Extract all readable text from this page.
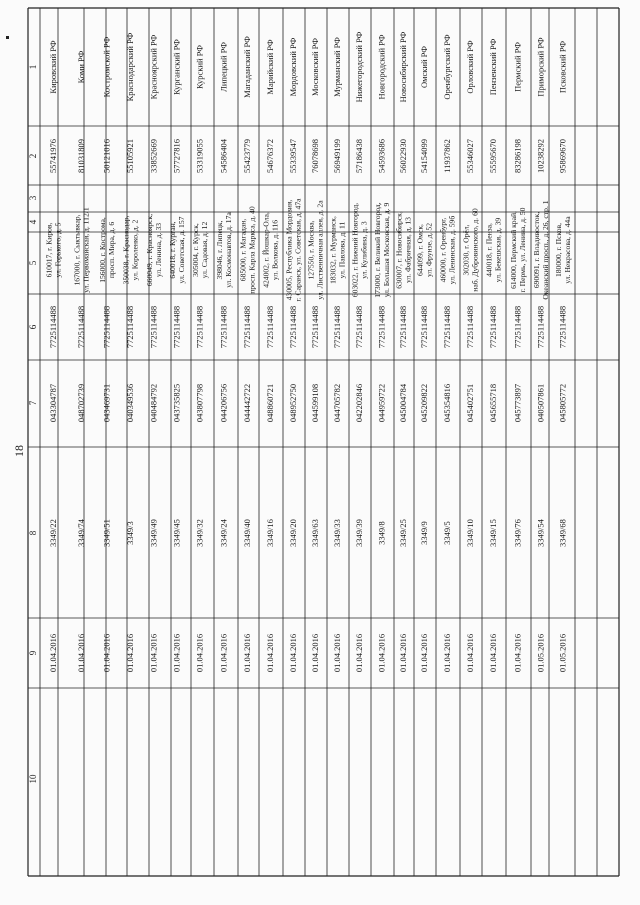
18
1
2
3
4
5
6
7
8
9
10
Кировский РФ
55741976
610017, г. Киров, ул. Горького, д. 5
7725114488
043304787
3349/22
01.04.2016
Коми РФ
81031809
167000, г. Сыктывкар, ул. Первомайская, д. 112/1
7725114488
048702739
3349/74
01.04.2016
Костромской РФ
50121016
156000, г. Кострома, просп. Мира, д. 6
7725114488
043469731
3349/51
01.04.2016
Краснодарский РФ
55105921
350038, г. Краснодар, ул. Короленко, д. 2
7725114488
040349536
3349/3
01.04.2016
Красноярский РФ
33852669
660049, г. Красноярск, ул. Ленина, д. 33
7725114488
040484792
3349/49
01.04.2016
Курганский РФ
57727816
640018, г. Курган, ул. Советская, д. 157
7725114488
043735825
3349/45
01.04.2016
Курский РФ
53319055
305004, г. Курск, ул. Садовая, д. 12
7725114488
043807798
3349/32
01.04.2016
Липецкий РФ
54586404
398046, г. Липецк, ул. Космонавтов, д. 17а
7725114488
044206756
3349/24
01.04.2016
Магаданский РФ
55423779
685000, г. Магадан, просп. Карла Маркса, д. 40
7725114488
044442722
3349/40
01.04.2016
Марийский РФ
54676372
424002, г. Йошкар-Ола, ул. Волкова, д. 116
7725114488
048860721
3349/16
01.04.2016
Мордовский РФ
55339547
430005, Республика Мордовия, г. Саранск, ул. Советская, д. 47а
7725114488
048952750
3349/20
01.04.2016
Московский РФ
76078698
127550, г. Москва, ул. Лиственничная аллея, д. 2а
7725114488
044599108
3349/63
01.04.2016
Мурманский РФ
56949199
183032, г. Мурманск, ул. Павлова, д. 11
7725114488
044705782
3349/33
01.04.2016
Нижегородский РФ
57186438
603022, г. Нижний Новгород, ул. Кулибина, д. 3
7725114488
042202846
3349/39
01.04.2016
Новгородский РФ
54593686
173000, г. Великий Новгород, ул. Большая Московская, д. 9
7725114488
044959722
3349/8
01.04.2016
Новосибирский РФ
56022930
630007, г. Новосибирск, ул. Фабричная, д. 13
7725114488
045004784
3349/25
01.04.2016
Омский РФ
54154099
644099, г. Омск, ул. Фрунзе, д. 52
7725114488
045209822
3349/9
01.04.2016
Оренбургский РФ
11937862
460000, г. Оренбург, ул. Ленинская, д. 59б
7725114488
045354816
3349/5
01.04.2016
Орловский РФ
55346027
302030, г. Орёл, наб. Дубровинского, д. 60
7725114488
045402751
3349/10
01.04.2016
Пензенский РФ
55595670
440018, г. Пенза, ул. Бекешская, д. 39
7725114488
045655718
3349/15
01.04.2016
Пермский РФ
83286198
614000, Пермский край, г. Пермь, ул. Ленина, д. 50
7725114488
045773897
3349/76
01.04.2016
Приморский РФ
10238292
690091, г. Владивосток, Океанский просп., д. 26, стр. 1
7725114488
040507861
3349/54
01.05.2016
Псковский РФ
95869670
180000, г. Псков, ул. Некрасова, д. 44а
7725114488
045805772
3349/68
01.05.2016
